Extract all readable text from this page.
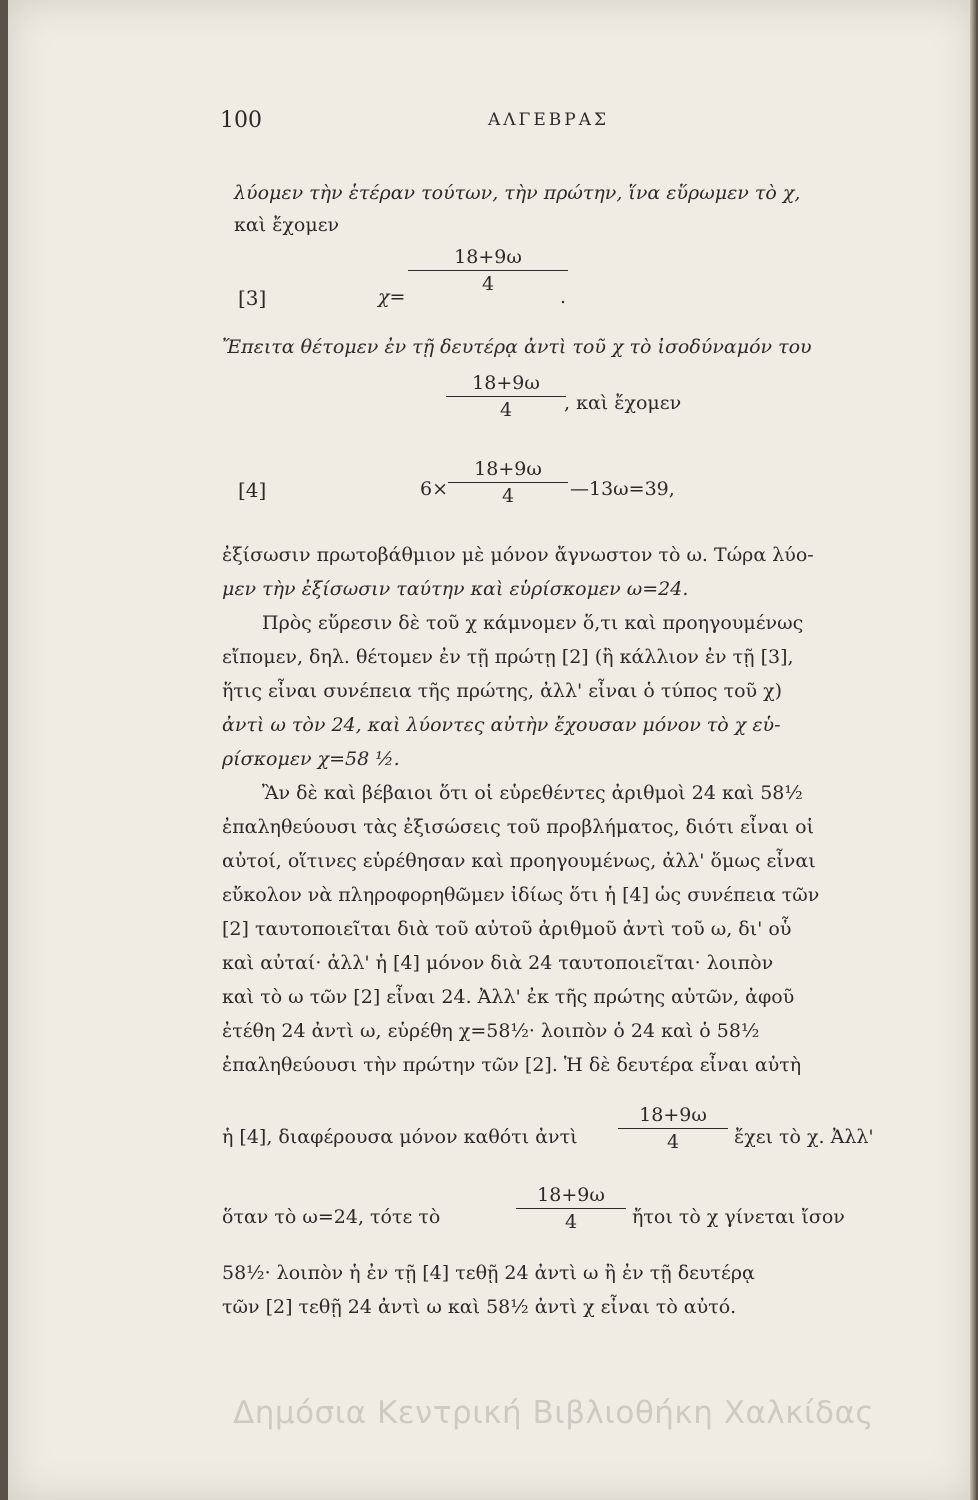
100	ΑΛΓΕΒΡΑΣ
λύομεν τὴν ἑτέραν τούτων, τὴν πρώτην, ἵνα εὕρωμεν τὸ χ,
καὶ ἔχομεν
[3]	χ=
$\frac{18+9\omega}{4}$
.
Ἔπειτα θέτομεν ἐν τῇ δευτέρᾳ ἀντὶ τοῦ χ τὸ ἰσοδύναμόν του
$\frac{18+9\omega}{4}$
, καὶ ἔχομεν
[4]	$6\times \frac{18+9\omega}{4}$ —13ω=39,
ἐξίσωσιν πρωτοβάθμιον μὲ μόνον ἄγνωστον τὸ ω. Τώρα λύο-
μεν τὴν ἐξίσωσιν ταύτην καὶ εὑρίσκομεν ω=24.
Πρὸς εὕρεσιν δὲ τοῦ χ κάμνομεν ὅ,τι καὶ προηγουμένως
εἴπομεν, δηλ. θέτομεν ἐν τῇ πρώτῃ [2] (ἢ κάλλιον ἐν τῇ [3],
ἥτις εἶναι συνέπεια τῆς πρώτης, ἀλλ' εἶναι ὁ τύπος τοῦ χ)
ἀντὶ ω τὸν 24, καὶ λύοντες αὐτὴν ἔχουσαν μόνον τὸ χ εὑ-
ρίσκομεν χ=58 ½.
Ἂν δὲ καὶ βέβαιοι ὅτι οἱ εὑρεθέντες ἀριθμοὶ 24 καὶ 58½
ἐπαληθεύουσι τὰς ἐξισώσεις τοῦ προβλήματος, διότι εἶναι οἱ
αὐτοί, οἵτινες εὑρέθησαν καὶ προηγουμένως, ἀλλ' ὅμως εἶναι
εὔκολον νὰ πληροφορηθῶμεν ἰδίως ὅτι ἡ [4] ὡς συνέπεια τῶν
[2] ταυτοποιεῖται διὰ τοῦ αὐτοῦ ἀριθμοῦ ἀντὶ τοῦ ω, δι' οὗ
καὶ αὐταί· ἀλλ' ἡ [4] μόνον διὰ 24 ταυτοποιεῖται· λοιπὸν
καὶ τὸ ω τῶν [2] εἶναι 24. Ἀλλ' ἐκ τῆς πρώτης αὐτῶν, ἀφοῦ
ἐτέθη 24 ἀντὶ ω, εὑρέθη χ=58½· λοιπὸν ὁ 24 καὶ ὁ 58½
ἐπαληθεύουσι τὴν πρώτην τῶν [2]. Ἡ δὲ δευτέρα εἶναι αὐτὴ
ἡ [4], διαφέρουσα μόνον καθότι ἀντὶ $\frac{18+9\omega}{4}$ ἔχει τὸ χ. Ἀλλ'
ὅταν τὸ ω=24, τότε τὸ	$\frac{18+9\omega}{4}$ ἤτοι τὸ χ γίνεται ἴσον
58½· λοιπὸν ἡ ἐν τῇ [4] τεθῇ 24 ἀντὶ ω ἢ ἐν τῇ δευτέρᾳ
τῶν [2] τεθῇ 24 ἀντὶ ω καὶ 58½ ἀντὶ χ εἶναι τὸ αὐτό.
Δημόσια Κεντρική Βιβλιοθήκη Χαλκίδας
